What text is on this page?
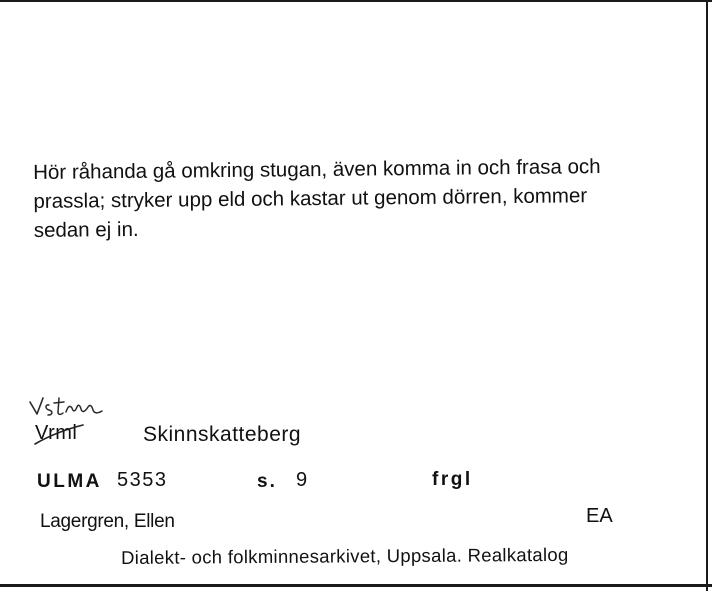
Hör råhanda gå omkring stugan, även komma in och frasa och
prassla; stryker upp eld och kastar ut genom dörren, kommer
sedan ej in.
Vrml	Skinnskatteberg
ULMA 5353	s. 9	frgl
Lagergren, Ellen	EA
Dialekt- och folkminnesarkivet, Uppsala. Realkatalog
